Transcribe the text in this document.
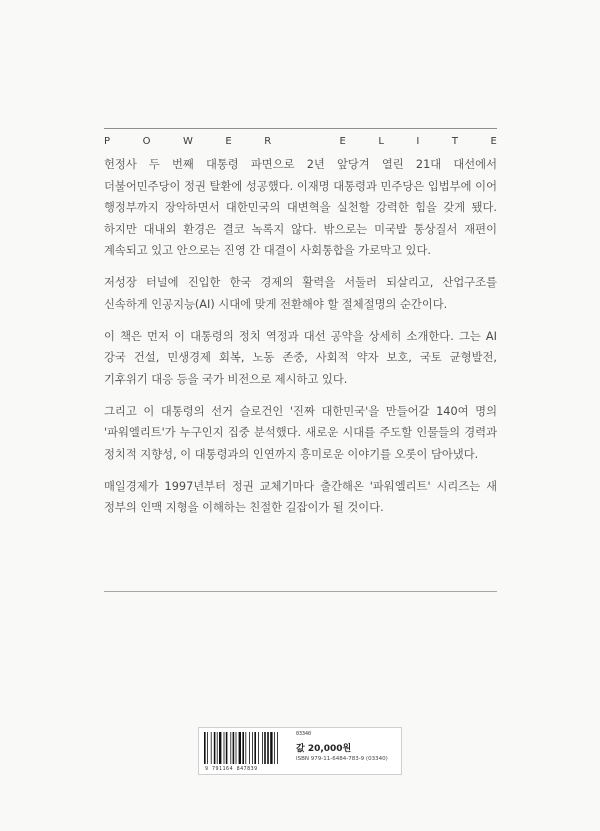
P	O	W	E	R
	E	L	I	T	E

헌정사 두 번째 대통령 파면으로 2년 앞당겨 열린 21대 대선에서 더불어민주당이 정권 탈환에 성공했다. 이재명 대통령과 민주당은 입법부에 이어 행정부까지 장악하면서 대한민국의 대변혁을 실천할 강력한 힘을 갖게 됐다. 하지만 대내외 환경은 결코 녹록지 않다. 밖으로는 미국발 통상질서 재편이 계속되고 있고 안으로는 진영 간 대결이 사회통합을 가로막고 있다.

저성장 터널에 진입한 한국 경제의 활력을 서둘러 되살리고, 산업구조를 신속하게 인공지능(AI) 시대에 맞게 전환해야 할 절체절명의 순간이다.

이 책은 먼저 이 대통령의 정치 역정과 대선 공약을 상세히 소개한다. 그는 AI 강국 건설, 민생경제 회복, 노동 존중, 사회적 약자 보호, 국토 균형발전, 기후위기 대응 등을 국가 비전으로 제시하고 있다.

그리고 이 대통령의 선거 슬로건인 '진짜 대한민국'을 만들어갈 140여 명의 '파워엘리트'가 누구인지 집중 분석했다. 새로운 시대를 주도할 인물들의 경력과 정치적 지향성, 이 대통령과의 인연까지 흥미로운 이야기를 오롯이 담아냈다.

매일경제가 1997년부터 정권 교체기마다 출간해온 '파워엘리트' 시리즈는 새 정부의 인맥 지형을 이해하는 친절한 길잡이가 될 것이다.

9 791164 847839
03340
값 20,000원
ISBN 979-11-6484-783-9 (03340)
